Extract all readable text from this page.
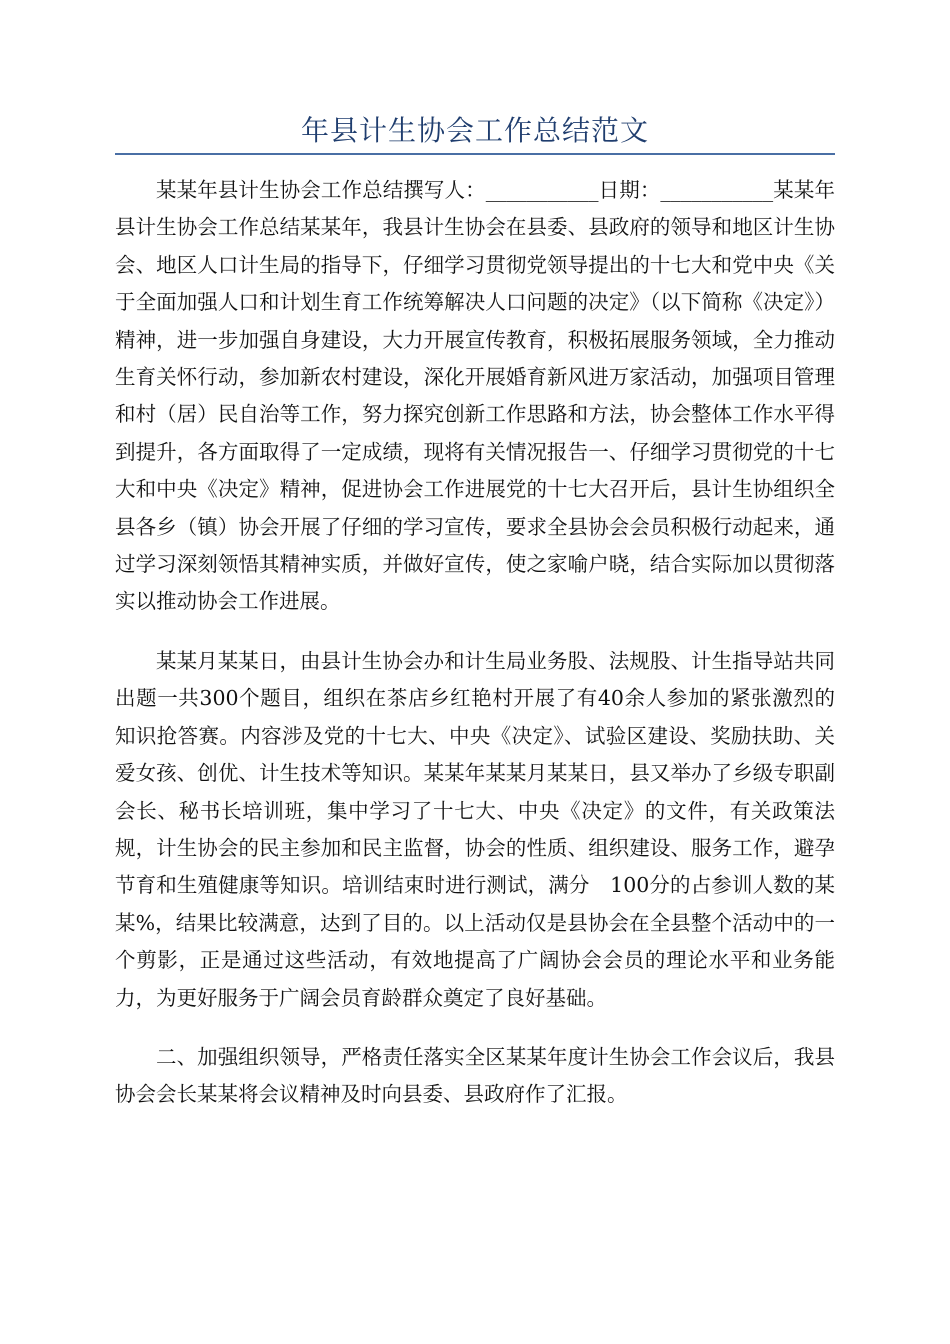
年县计生协会工作总结范文

某某年县计生协会工作总结撰写人：___________日期：___________某某年县计生协会工作总结某某年，我县计生协会在县委、县政府的领导和地区计生协会、地区人口计生局的指导下，仔细学习贯彻党领导提出的十七大和党中央《关于全面加强人口和计划生育工作统筹解决人口问题的决定》（以下简称《决定》）精神，进一步加强自身建设，大力开展宣传教育，积极拓展服务领域，全力推动生育关怀行动，参加新农村建设，深化开展婚育新风进万家活动，加强项目管理和村（居）民自治等工作，努力探究创新工作思路和方法，协会整体工作水平得到提升，各方面取得了一定成绩，现将有关情况报告一、仔细学习贯彻党的十七大和中央《决定》精神，促进协会工作进展党的十七大召开后，县计生协组织全县各乡（镇）协会开展了仔细的学习宣传，要求全县协会会员积极行动起来，通过学习深刻领悟其精神实质，并做好宣传，使之家喻户晓，结合实际加以贯彻落实以推动协会工作进展。

某某月某某日，由县计生协会办和计生局业务股、法规股、计生指导站共同出题一共300个题目，组织在茶店乡红艳村开展了有40余人参加的紧张激烈的知识抢答赛。内容涉及党的十七大、中央《决定》、试验区建设、奖励扶助、关爱女孩、创优、计生技术等知识。某某年某某月某某日，县又举办了乡级专职副会长、秘书长培训班，集中学习了十七大、中央《决定》的文件，有关政策法规，计生协会的民主参加和民主监督，协会的性质、组织建设、服务工作，避孕节育和生殖健康等知识。培训结束时进行测试，满分　100分的占参训人数的某某%，结果比较满意，达到了目的。以上活动仅是县协会在全县整个活动中的一个剪影，正是通过这些活动，有效地提高了广阔协会会员的理论水平和业务能力，为更好服务于广阔会员育龄群众奠定了良好基础。

二、加强组织领导，严格责任落实全区某某年度计生协会工作会议后，我县协会会长某某将会议精神及时向县委、县政府作了汇报。
